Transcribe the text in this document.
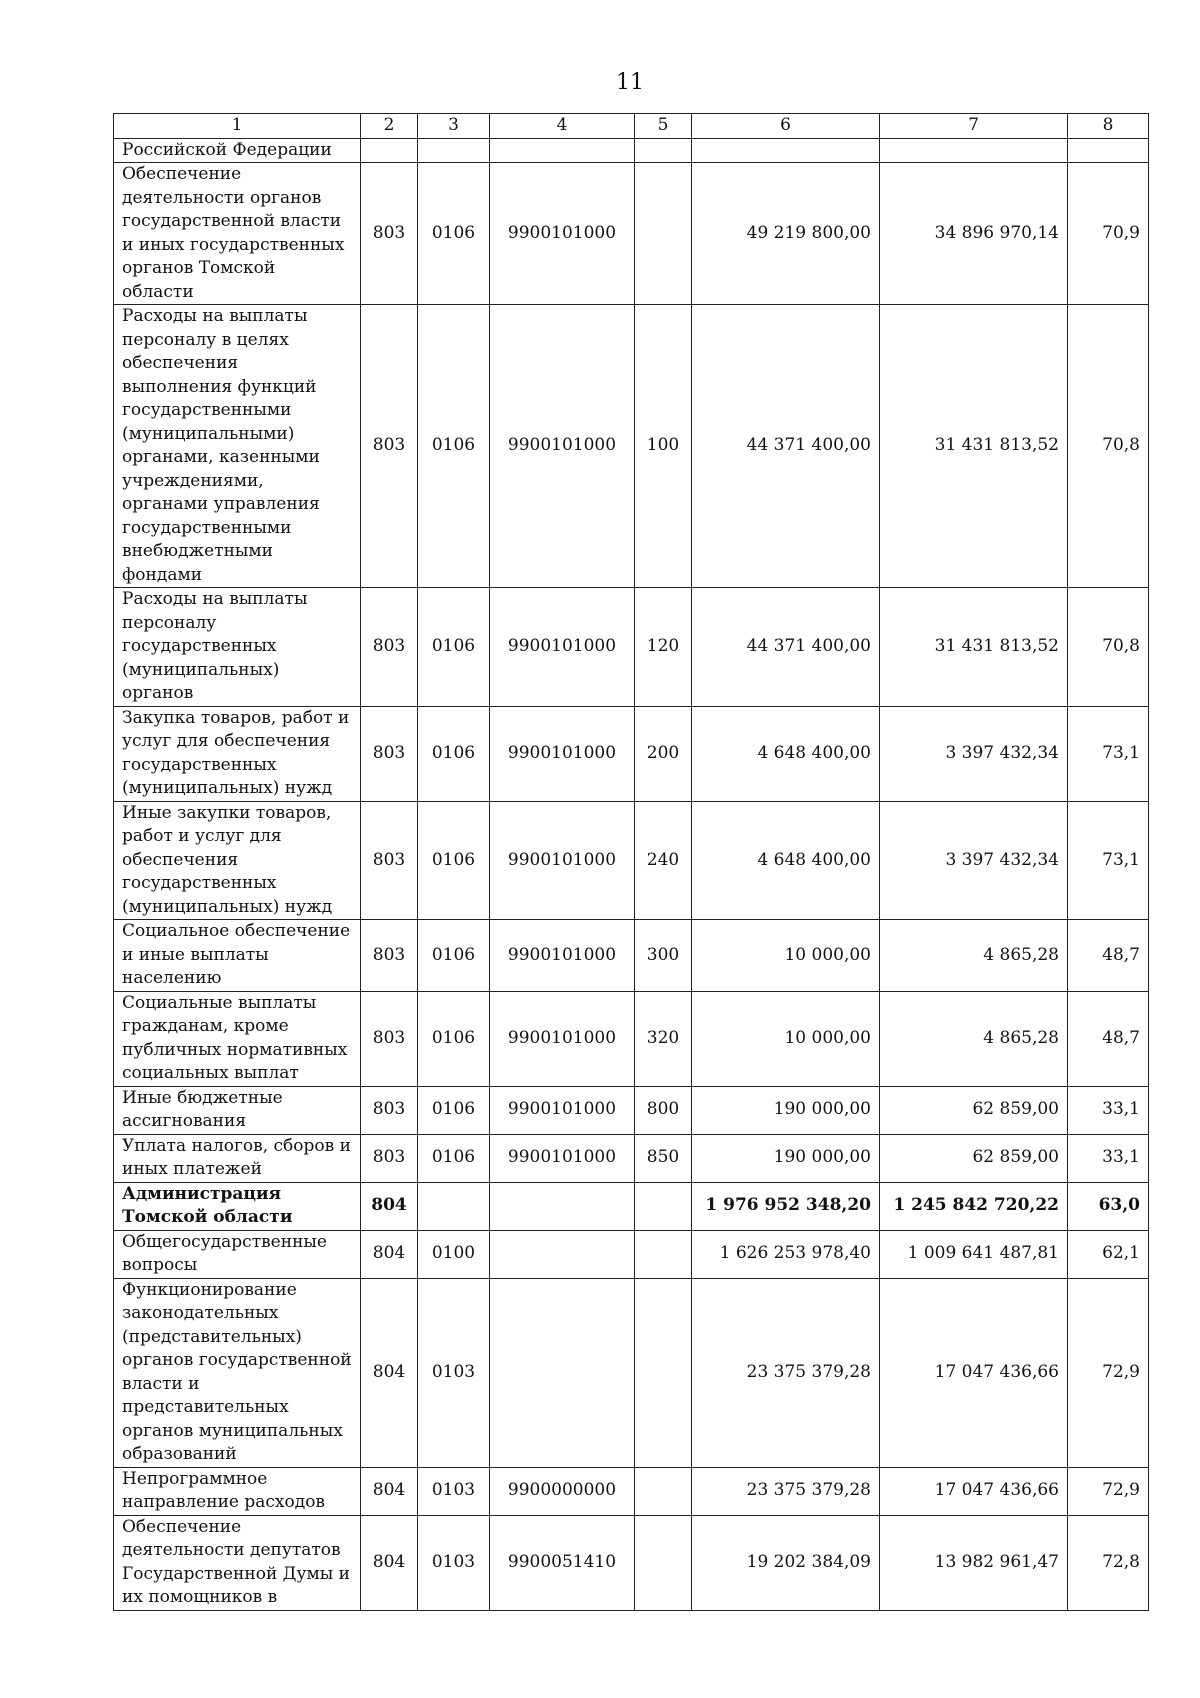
11
1	2	3	4	5	6	7	8
Российской Федерации							
Обеспечение деятельности органов государственной власти и иных государственных органов Томской области	803	0106	9900101000		49 219 800,00	34 896 970,14	70,9
Расходы на выплаты персоналу в целях обеспечения выполнения функций государственными (муниципальными) органами, казенными учреждениями, органами управления государственными внебюджетными фондами	803	0106	9900101000	100	44 371 400,00	31 431 813,52	70,8
Расходы на выплаты персоналу государственных (муниципальных) органов	803	0106	9900101000	120	44 371 400,00	31 431 813,52	70,8
Закупка товаров, работ и услуг для обеспечения государственных (муниципальных) нужд	803	0106	9900101000	200	4 648 400,00	3 397 432,34	73,1
Иные закупки товаров, работ и услуг для обеспечения государственных (муниципальных) нужд	803	0106	9900101000	240	4 648 400,00	3 397 432,34	73,1
Социальное обеспечение и иные выплаты населению	803	0106	9900101000	300	10 000,00	4 865,28	48,7
Социальные выплаты гражданам, кроме публичных нормативных социальных выплат	803	0106	9900101000	320	10 000,00	4 865,28	48,7
Иные бюджетные ассигнования	803	0106	9900101000	800	190 000,00	62 859,00	33,1
Уплата налогов, сборов и иных платежей	803	0106	9900101000	850	190 000,00	62 859,00	33,1
Администрация Томской области	804				1 976 952 348,20	1 245 842 720,22	63,0
Общегосударственные вопросы	804	0100			1 626 253 978,40	1 009 641 487,81	62,1
Функционирование законодательных (представительных) органов государственной власти и представительных органов муниципальных образований	804	0103			23 375 379,28	17 047 436,66	72,9
Непрограммное направление расходов	804	0103	9900000000		23 375 379,28	17 047 436,66	72,9
Обеспечение деятельности депутатов Государственной Думы и их помощников в	804	0103	9900051410		19 202 384,09	13 982 961,47	72,8
